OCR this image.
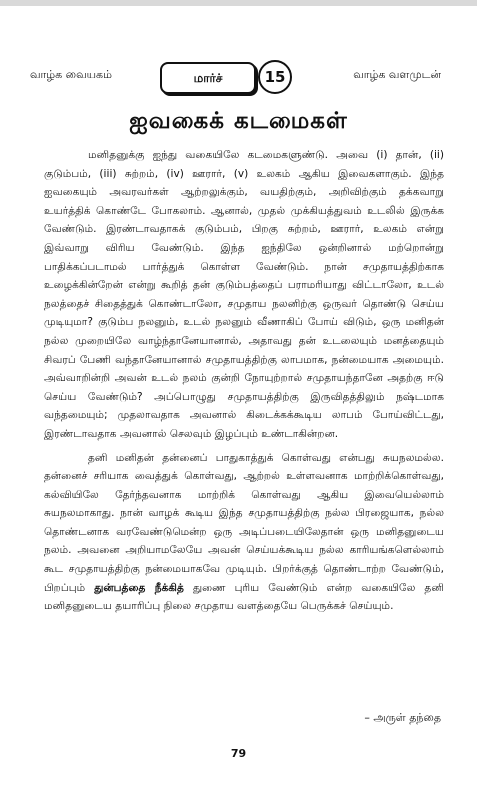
வாழ்க வையகம்	மார்ச்	15	வாழ்க வளமுடன்
ஐவகைக் கடமைகள்

மனிதனுக்கு ஐந்து வகையிலே கடமைகளுண்டு. அவை (i) தான், (ii) குடும்பம், (iii) சுற்றம், (iv) ஊரார், (v) உலகம் ஆகிய இவைகளாகும். இந்த ஐவகையும் அவரவர்கள் ஆற்றலுக்கும், வயதிற்கும், அறிவிற்கும் தக்கவாறு உயர்த்திக் கொண்டே போகலாம். ஆனால், முதல் முக்கியத்துவம் உடலில் இருக்க வேண்டும். இரண்டாவதாகக் குடும்பம், பிறகு சுற்றம், ஊரார், உலகம் என்று இவ்வாறு விரிய வேண்டும். இந்த ஐந்திலே ஒன்றினால் மற்றொன்று பாதிக்கப்படாமல் பார்த்துக் கொள்ள வேண்டும். நான் சமுதாயத்திற்காக உழைக்கின்றேன் என்று கூறித் தன் குடும்பத்தைப் பராமரியாது விட்டாலோ, உடல் நலத்தைச் சிதைத்துக் கொண்டாலோ, சமுதாய நலனிற்கு ஒருவர் தொண்டு செய்ய முடியுமா? குடும்ப நலனும், உடல் நலனும் வீணாகிப் போய் விடும், ஒரு மனிதன் நல்ல முறையிலே வாழ்ந்தானேயானால், அதாவது தன் உடலையும் மனத்தையும் சிவரப் பேணி வந்தானேயானால் சமுதாயத்திற்கு லாபமாக, நன்மையாக அமையும். அவ்வாறின்றி அவன் உடல் நலம் குன்றி நோயுற்றால் சமுதாயந்தானே அதற்கு ஈடு செய்ய வேண்டும்? அப்பொழுது சமுதாயத்திற்கு இருவிதத்திலும் நஷ்டமாக வந்தமையும்; முதலாவதாக அவனால் கிடைக்கக்கூடிய லாபம் போய்விட்டது, இரண்டாவதாக அவனால் செலவும் இழப்பும் உண்டாகின்றன.

தனி மனிதன் தன்னைப் பாதுகாத்துக் கொள்வது என்பது சுயநலமல்ல. தன்னைச் சரியாக வைத்துக் கொள்வது, ஆற்றல் உள்ளவனாக மாற்றிக்கொள்வது, கல்வியிலே தேர்ந்தவனாக மாற்றிக் கொள்வது ஆகிய இவையெல்லாம் சுயநலமாகாது. நான் வாழக் கூடிய இந்த சமுதாயத்திற்கு நல்ல பிரஜையாக, நல்ல தொண்டனாக வரவேண்டுமென்ற ஒரு அடிப்படையிலேதான் ஒரு மனிதனுடைய நலம். அவனை அறியாமலேயே அவன் செய்யக்கூடிய நல்ல காரியங்களெல்லாம் கூட சமுதாயத்திற்கு நன்மையாகவே முடியும். பிறர்க்குத் தொண்டாற்ற வேண்டும், பிறப்பும் துன்பத்தை நீக்கித் துணை புரிய வேண்டும் என்ற வகையிலே தனி மனிதனுடைய தயாரிப்பு நிலை சமுதாய வளத்தையே பெருக்கச் செய்யும்.

– அருள் தந்தை
79
